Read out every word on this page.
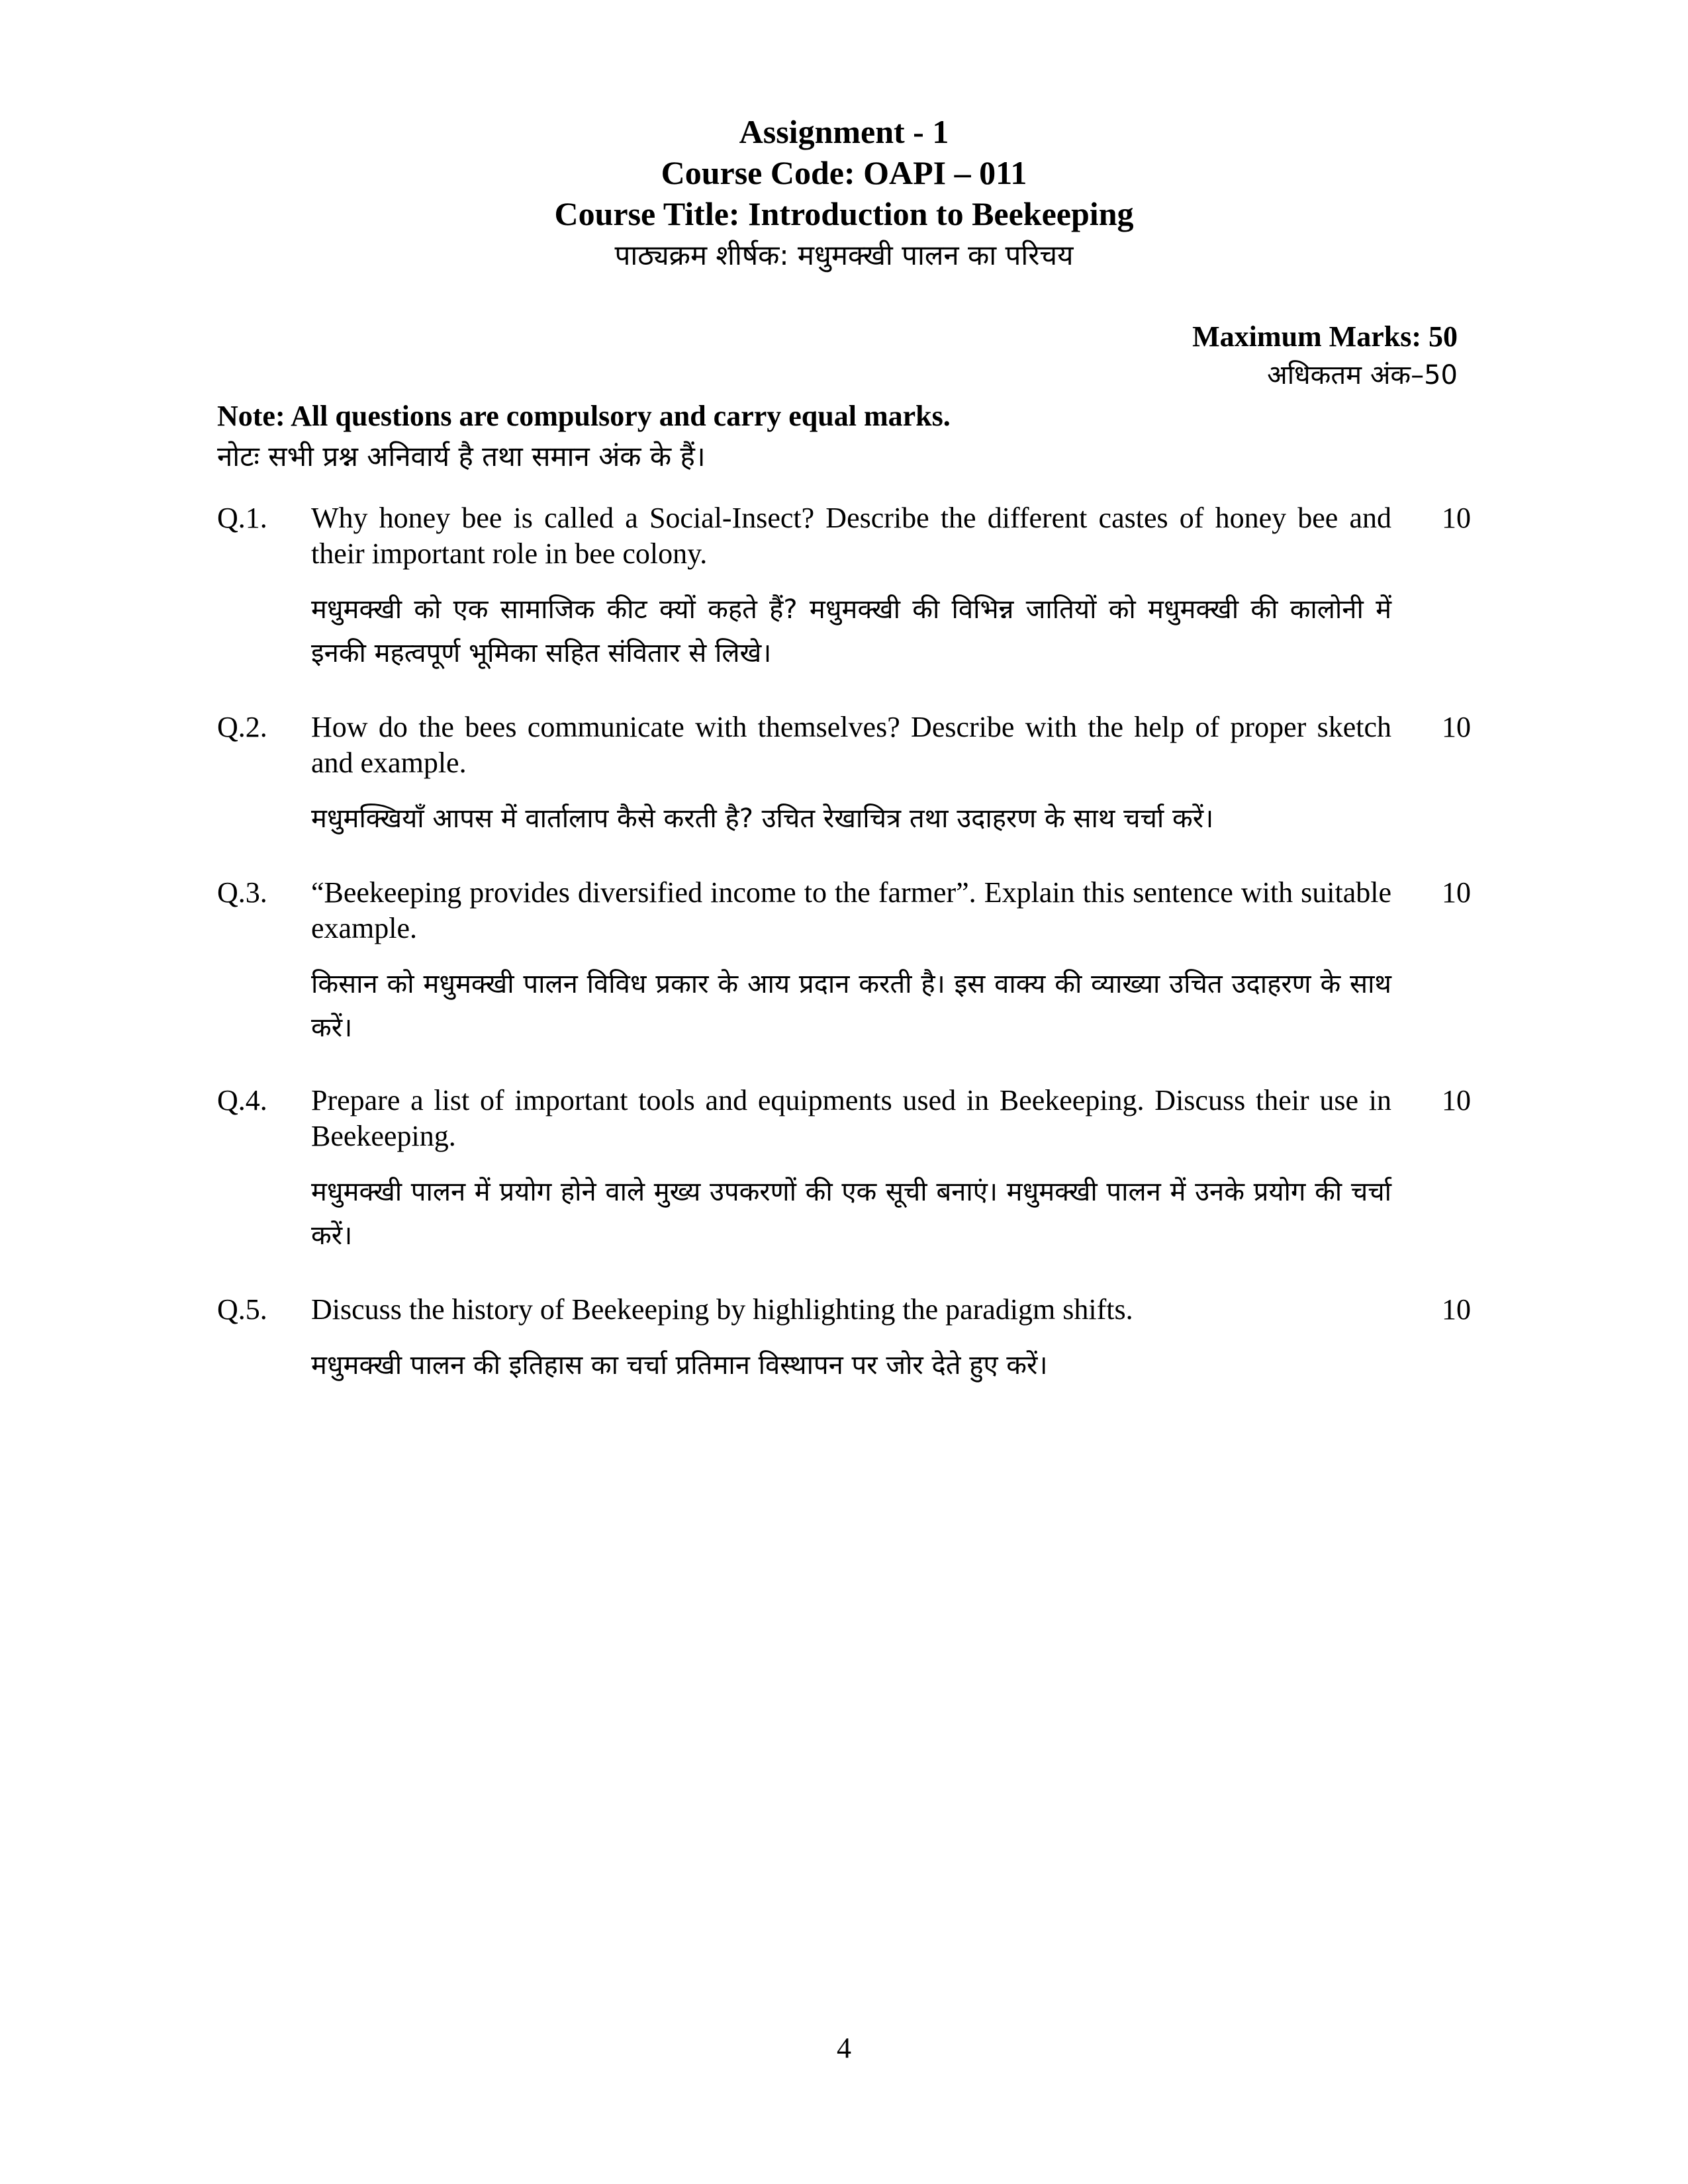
Assignment - 1
Course Code: OAPI – 011
Course Title: Introduction to Beekeeping
पाठ्यक्रम शीर्षक: मधुमक्खी पालन का परिचय
Maximum Marks: 50
अधिकतम अंक–50
Note: All questions are compulsory and carry equal marks.
नोटः सभी प्रश्न अनिवार्य है तथा समान अंक के हैं।
Q.1.	10
Why honey bee is called a Social-Insect? Describe the different castes of honey bee and their important role in bee colony.
मधुमक्खी को एक सामाजिक कीट क्यों कहते हैं? मधुमक्खी की विभिन्न जातियों को मधुमक्खी की कालोनी में इनकी महत्वपूर्ण भूमिका सहित संवितार से लिखे।
Q.2.	10
How do the bees communicate with themselves? Describe with the help of proper sketch and example.
मधुमक्खियाँ आपस में वार्तालाप कैसे करती है? उचित रेखाचित्र तथा उदाहरण के साथ चर्चा करें।
Q.3.	10
“Beekeeping provides diversified income to the farmer”. Explain this sentence with suitable example.
किसान को मधुमक्खी पालन विविध प्रकार के आय प्रदान करती है। इस वाक्य की व्याख्या उचित उदाहरण के साथ करें।
Q.4.	10
Prepare a list of important tools and equipments used in Beekeeping. Discuss their use in Beekeeping.
मधुमक्खी पालन में प्रयोग होने वाले मुख्य उपकरणों की एक सूची बनाएं। मधुमक्खी पालन में उनके प्रयोग की चर्चा करें।
Q.5.	10
Discuss the history of Beekeeping by highlighting the paradigm shifts.
मधुमक्खी पालन की इतिहास का चर्चा प्रतिमान विस्थापन पर जोर देते हुए करें।
4
